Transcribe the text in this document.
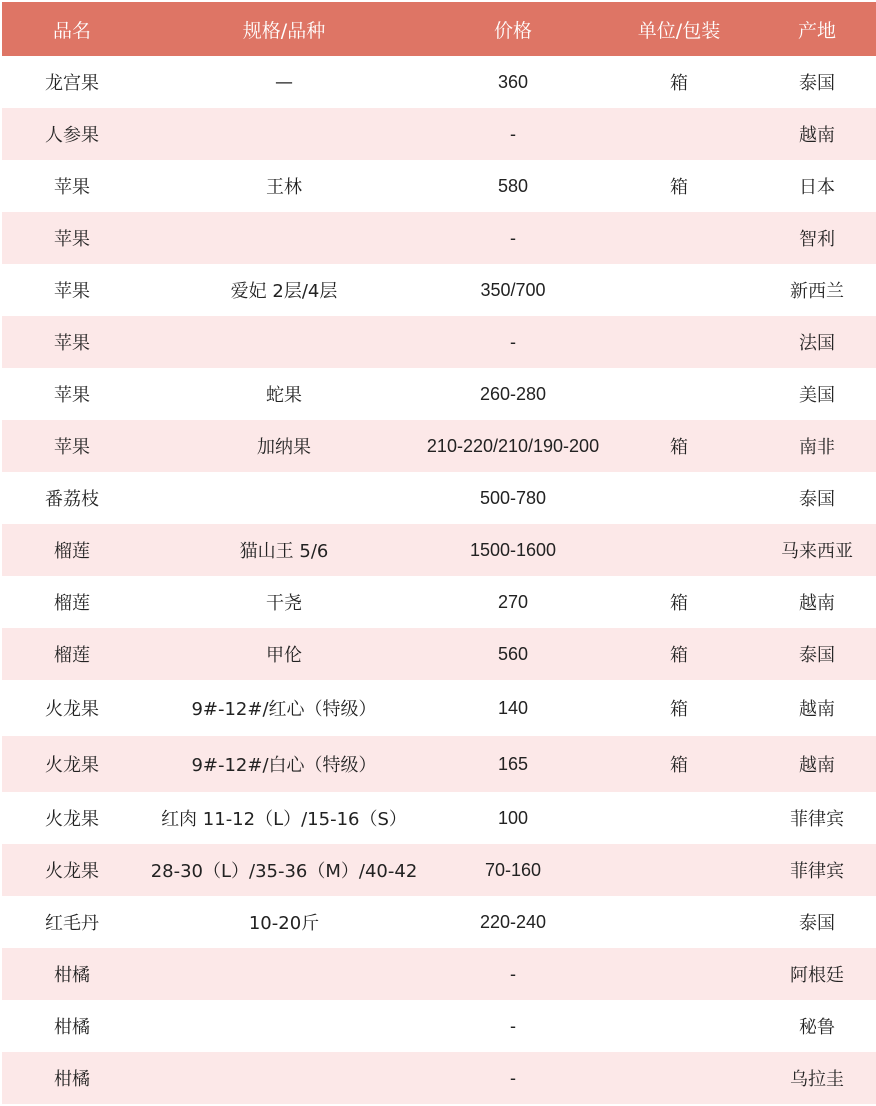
品名	规格/品种	价格	单位/包装	产地
龙宫果	—	360	箱	泰国
人参果		-		越南
苹果	王林	580	箱	日本
苹果		-		智利
苹果	爱妃 2层/4层	350/700		新西兰
苹果		-		法国
苹果	蛇果	260-280		美国
苹果	加纳果	210-220/210/190-200	箱	南非
番荔枝		500-780		泰国
榴莲	猫山王 5/6	1500-1600		马来西亚
榴莲	干尧	270	箱	越南
榴莲	甲伦	560	箱	泰国
火龙果	9#-12#/红心（特级）	140	箱	越南
火龙果	9#-12#/白心（特级）	165	箱	越南
火龙果	红肉 11-12（L）/15-16（S）	100		菲律宾
火龙果	28-30（L）/35-36（M）/40-42	70-160		菲律宾
红毛丹	10-20斤	220-240		泰国
柑橘		-		阿根廷
柑橘		-		秘鲁
柑橘		-		乌拉圭
